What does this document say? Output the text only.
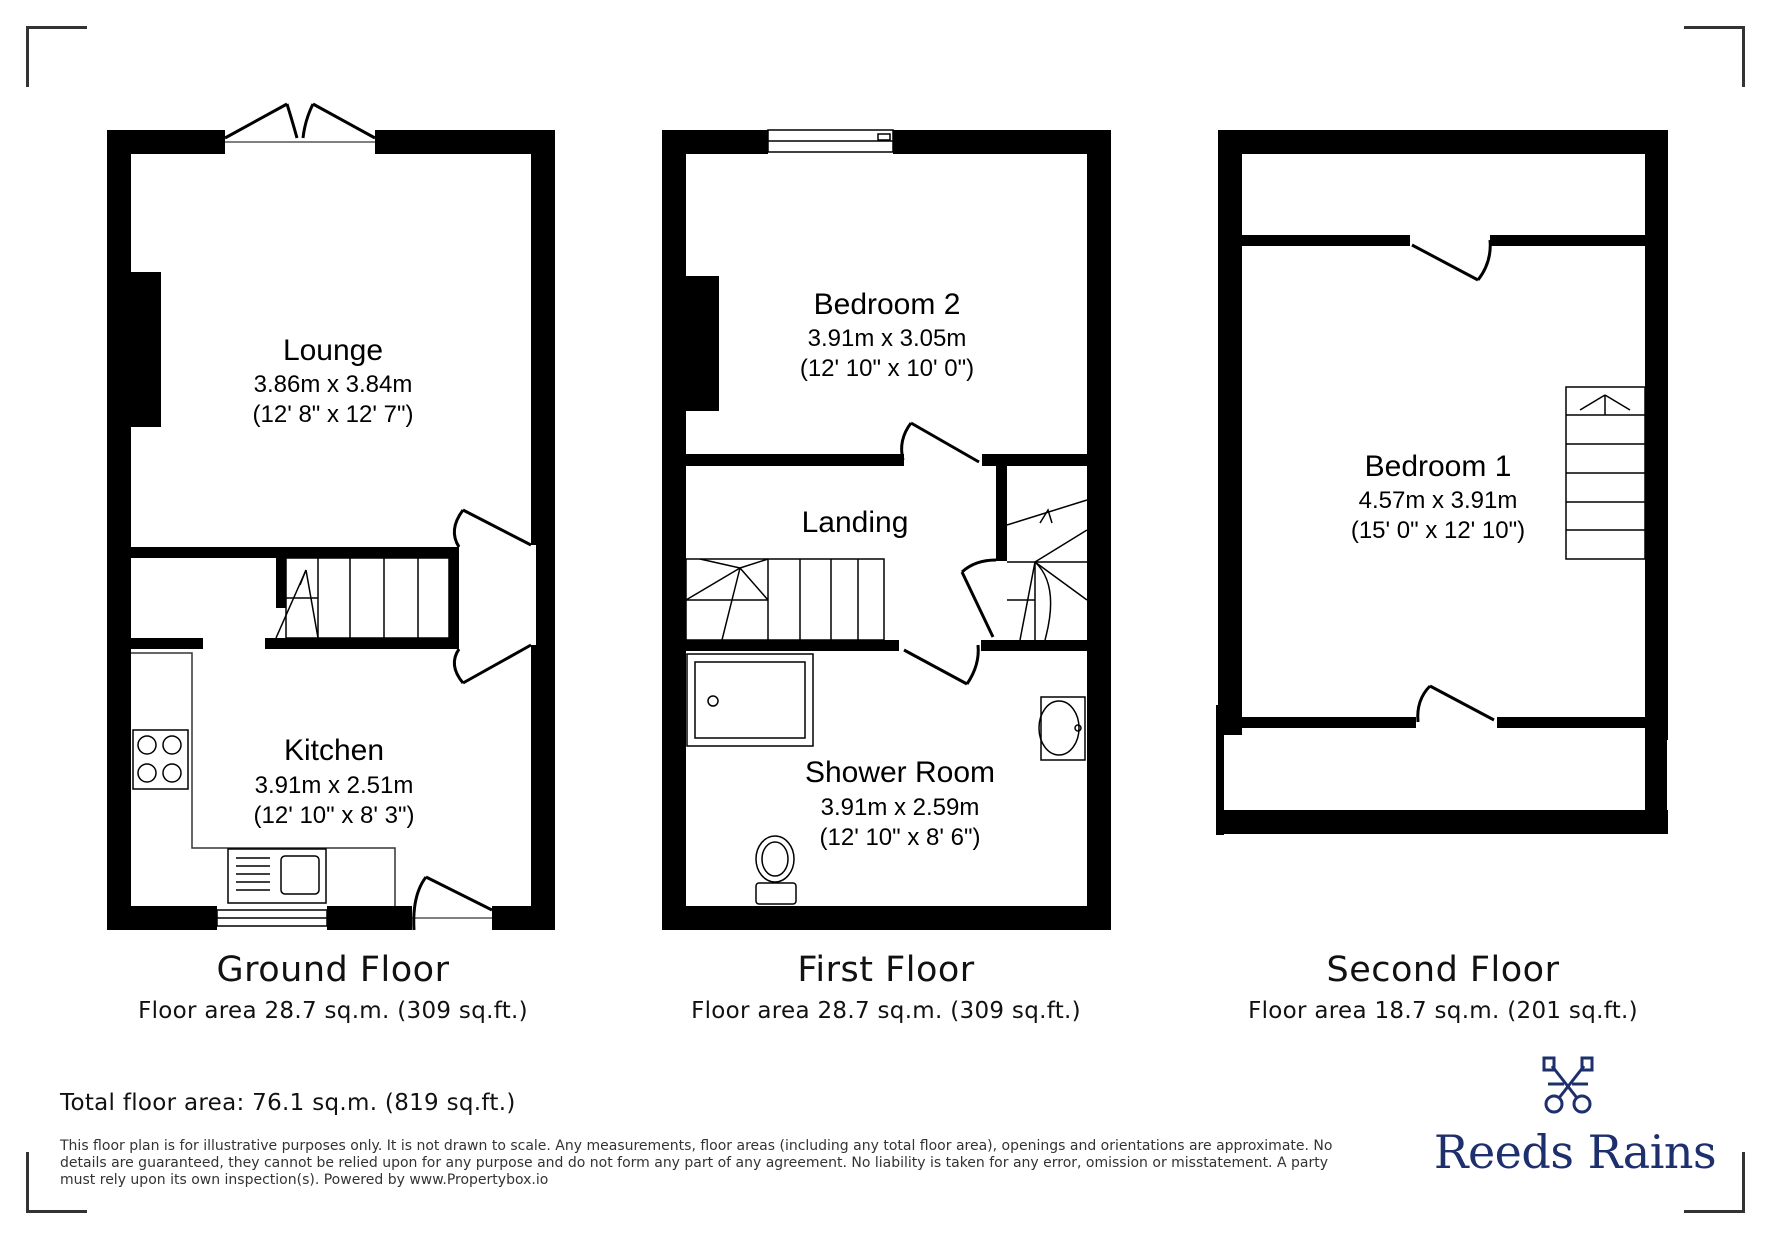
Lounge
3.86m x 3.84m
(12' 8" x 12' 7")
Kitchen
3.91m x 2.51m
(12' 10" x 8' 3")
Bedroom 2
3.91m x 3.05m
(12' 10" x 10' 0")
Landing
Shower Room
3.91m x 2.59m
(12' 10" x 8' 6")
Bedroom 1
4.57m x 3.91m
(15' 0" x 12' 10")
Ground Floor
Floor area 28.7 sq.m. (309 sq.ft.)
First Floor
Floor area 28.7 sq.m. (309 sq.ft.)
Second Floor
Floor area 18.7 sq.m. (201 sq.ft.)
Total floor area: 76.1 sq.m. (819 sq.ft.)
This floor plan is for illustrative purposes only. It is not drawn to scale. Any measurements, floor areas (including any total floor area), openings and orientations are approximate. No details are guaranteed, they cannot be relied upon for any purpose and do not form any part of any agreement. No liability is taken for any error, omission or misstatement. A party must rely upon its own inspection(s). Powered by www.Propertybox.io
Reeds Rains
